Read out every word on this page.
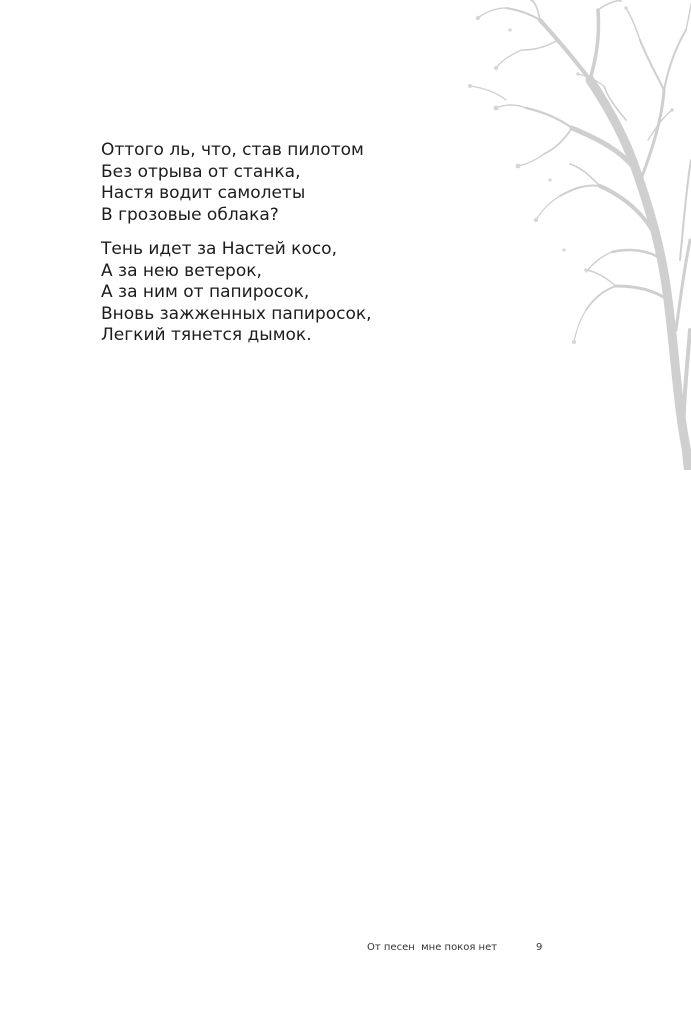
Оттого ль, что, став пилотом
Без отрыва от станка,
Настя водит самолеты
В грозовые облака?
Тень идет за Настей косо,
А за нею ветерок,
А за ним от папиросок,
Вновь зажженных папиросок,
Легкий тянется дымок.
От песен  мне покоя нет	9
